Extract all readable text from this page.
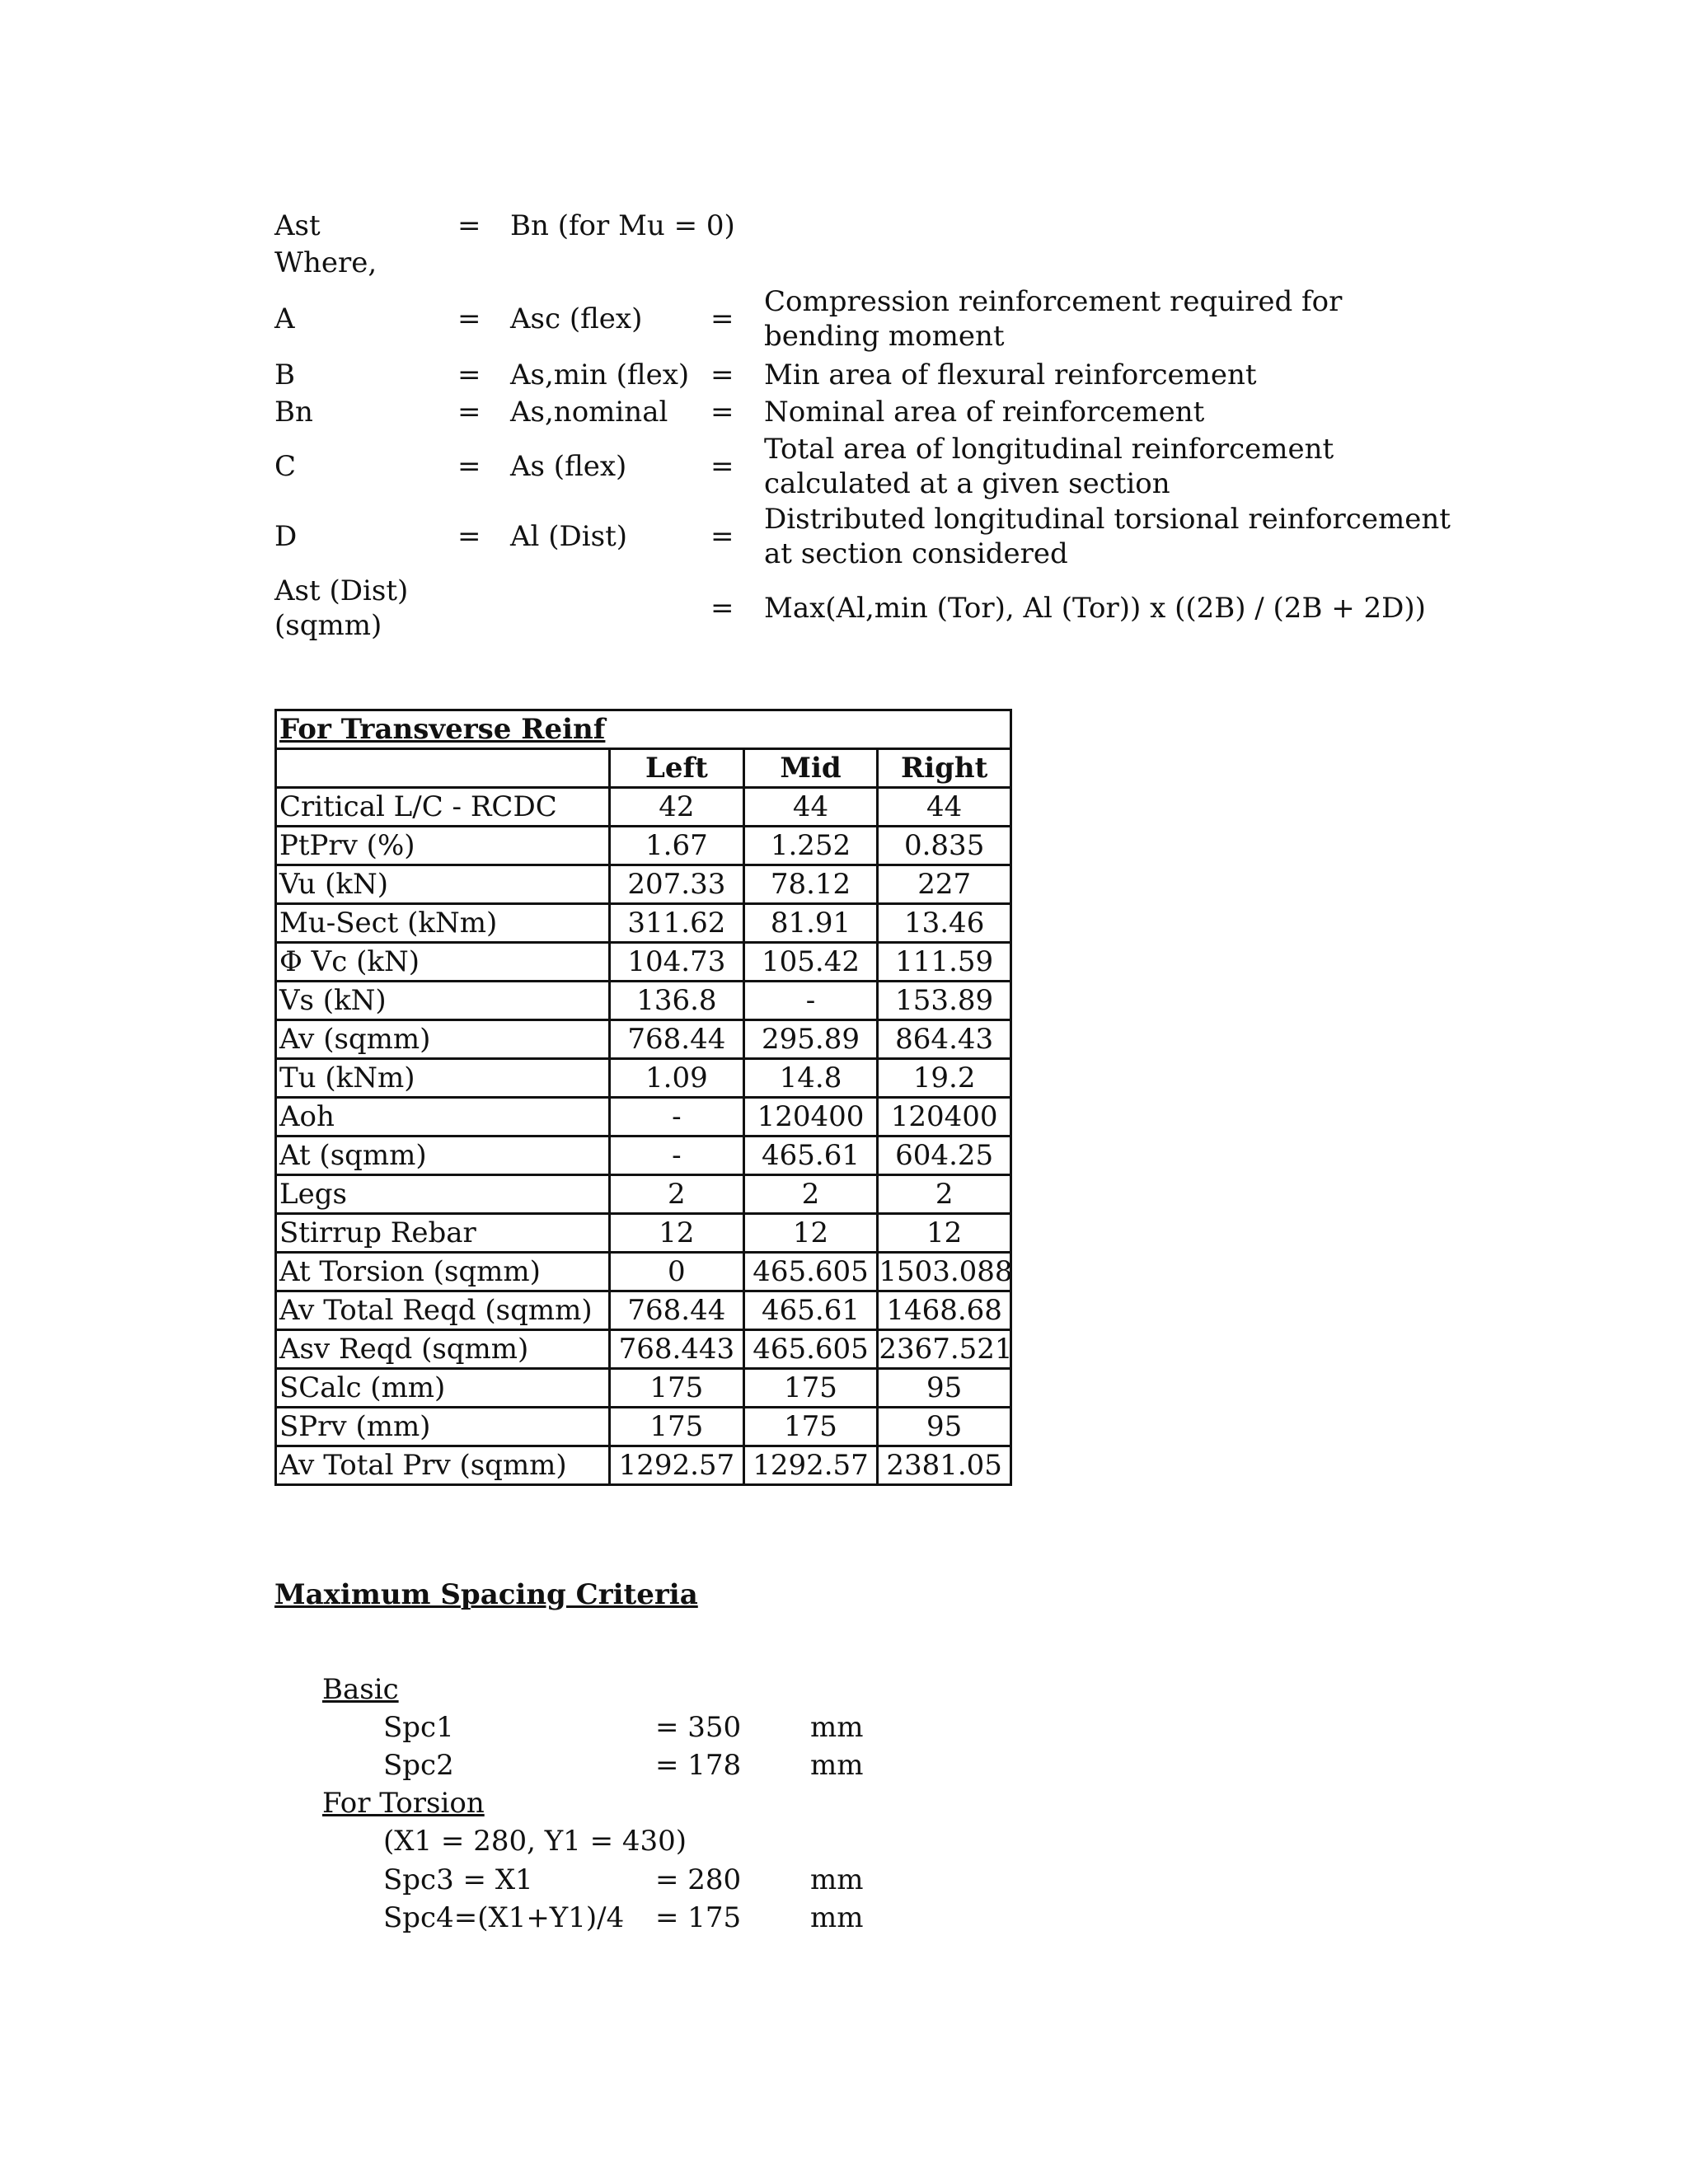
Ast	= Bn (for Mu = 0)
Where,
A	= Asc (flex) =
Compression reinforcement required for
bending moment
B	= As,min (flex) = Min area of flexural reinforcement
Bn	= As,nominal = Nominal area of reinforcement
C	= As (flex)	=
Total area of longitudinal reinforcement
calculated at a given section
D	= Al (Dist)	=
Distributed longitudinal torsional reinforcement
at section considered
Ast (Dist)
(sqmm)
= Max(Al,min (Tor), Al (Tor)) x ((2B) / (2B + 2D))
For Transverse Reinf			
	Left	Mid	Right
Critical L/C - RCDC	42	44	44
PtPrv (%)	1.67	1.252	0.835
Vu (kN)	207.33	78.12	227
Mu-Sect (kNm)	311.62	81.91	13.46
Φ Vc (kN)	104.73	105.42	111.59
Vs (kN)	136.8	-	153.89
Av (sqmm)	768.44	295.89	864.43
Tu (kNm)	1.09	14.8	19.2
Aoh	-	120400	120400
At (sqmm)	-	465.61	604.25
Legs	2	2	2
Stirrup Rebar	12	12	12
At Torsion (sqmm)	0	465.605	1503.088
Av Total Reqd (sqmm)	768.44	465.61	1468.68
Asv Reqd (sqmm)	768.443	465.605	2367.521
SCalc (mm)	175	175	95
SPrv (mm)	175	175	95
Av Total Prv (sqmm)	1292.57	1292.57	2381.05
Maximum Spacing Criteria
Basic
Spc1	= 350 mm
Spc2	= 178 mm
For Torsion
(X1 = 280, Y1 = 430)
Spc3 = X1	= 280 mm
Spc4=(X1+Y1)/4 = 175 mm
